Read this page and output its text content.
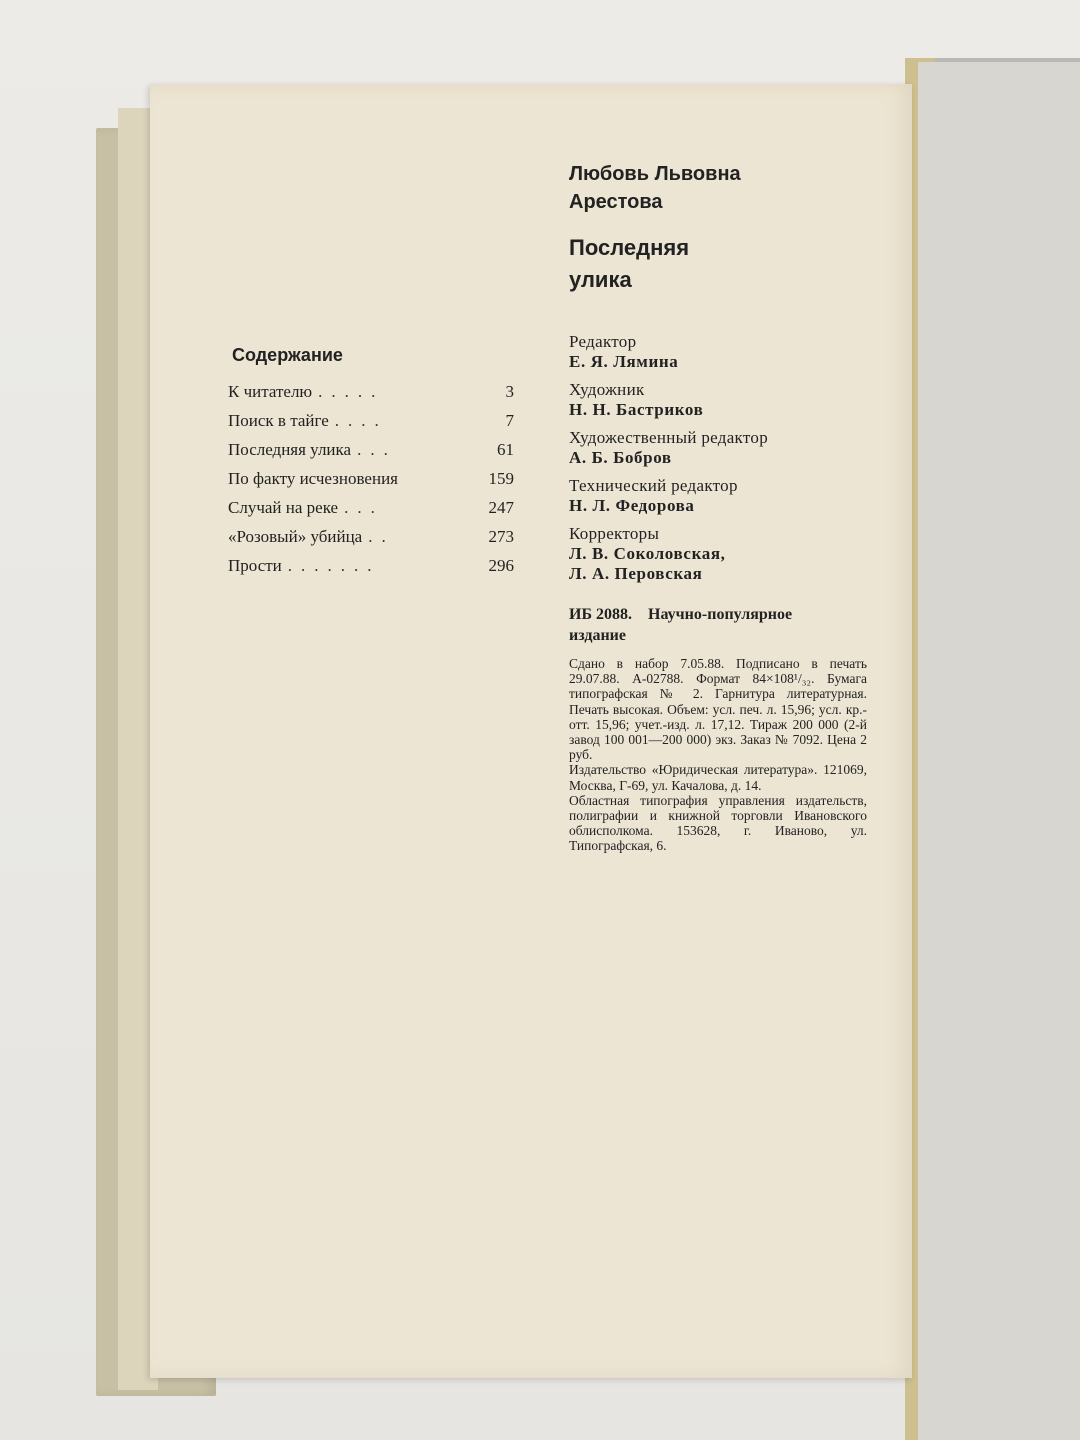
Любовь Львовна
Арестова
Последняя
улика
Редактор
Е. Я. Лямина
Художник
Н. Н. Бастриков
Художественный редактор
А. Б. Бобров
Технический редактор
Н. Л. Федорова
Корректоры
Л. В. Соколовская,
Л. А. Перовская
ИБ 2088.    Научно-популярное
издание

Сдано в набор 7.05.88. Подписано в печать 29.07.88. А-02788. Формат 84×108¹/₃₂. Бумага типографская № 2. Гарнитура литературная. Печать высокая. Объем: усл. печ. л. 15,96; усл. кр.-отт. 15,96; учет.-изд. л. 17,12. Тираж 200 000 (2-й завод 100 001—200 000) экз. Заказ № 7092. Цена 2 руб.

Издательство «Юридическая литература». 121069, Москва, Г-69, ул. Качалова, д. 14.

Областная типография управления издательств, полиграфии и книжной торговли Ивановского облисполкома. 153628, г. Иваново, ул. Типографская, 6.

Содержание
К читателю .....	3
Поиск в тайге ....	7
Последняя улика ...	61
По факту исчезновения	159
Случай на реке ...	247
«Розовый» убийца ..	273
Прости .......	296
